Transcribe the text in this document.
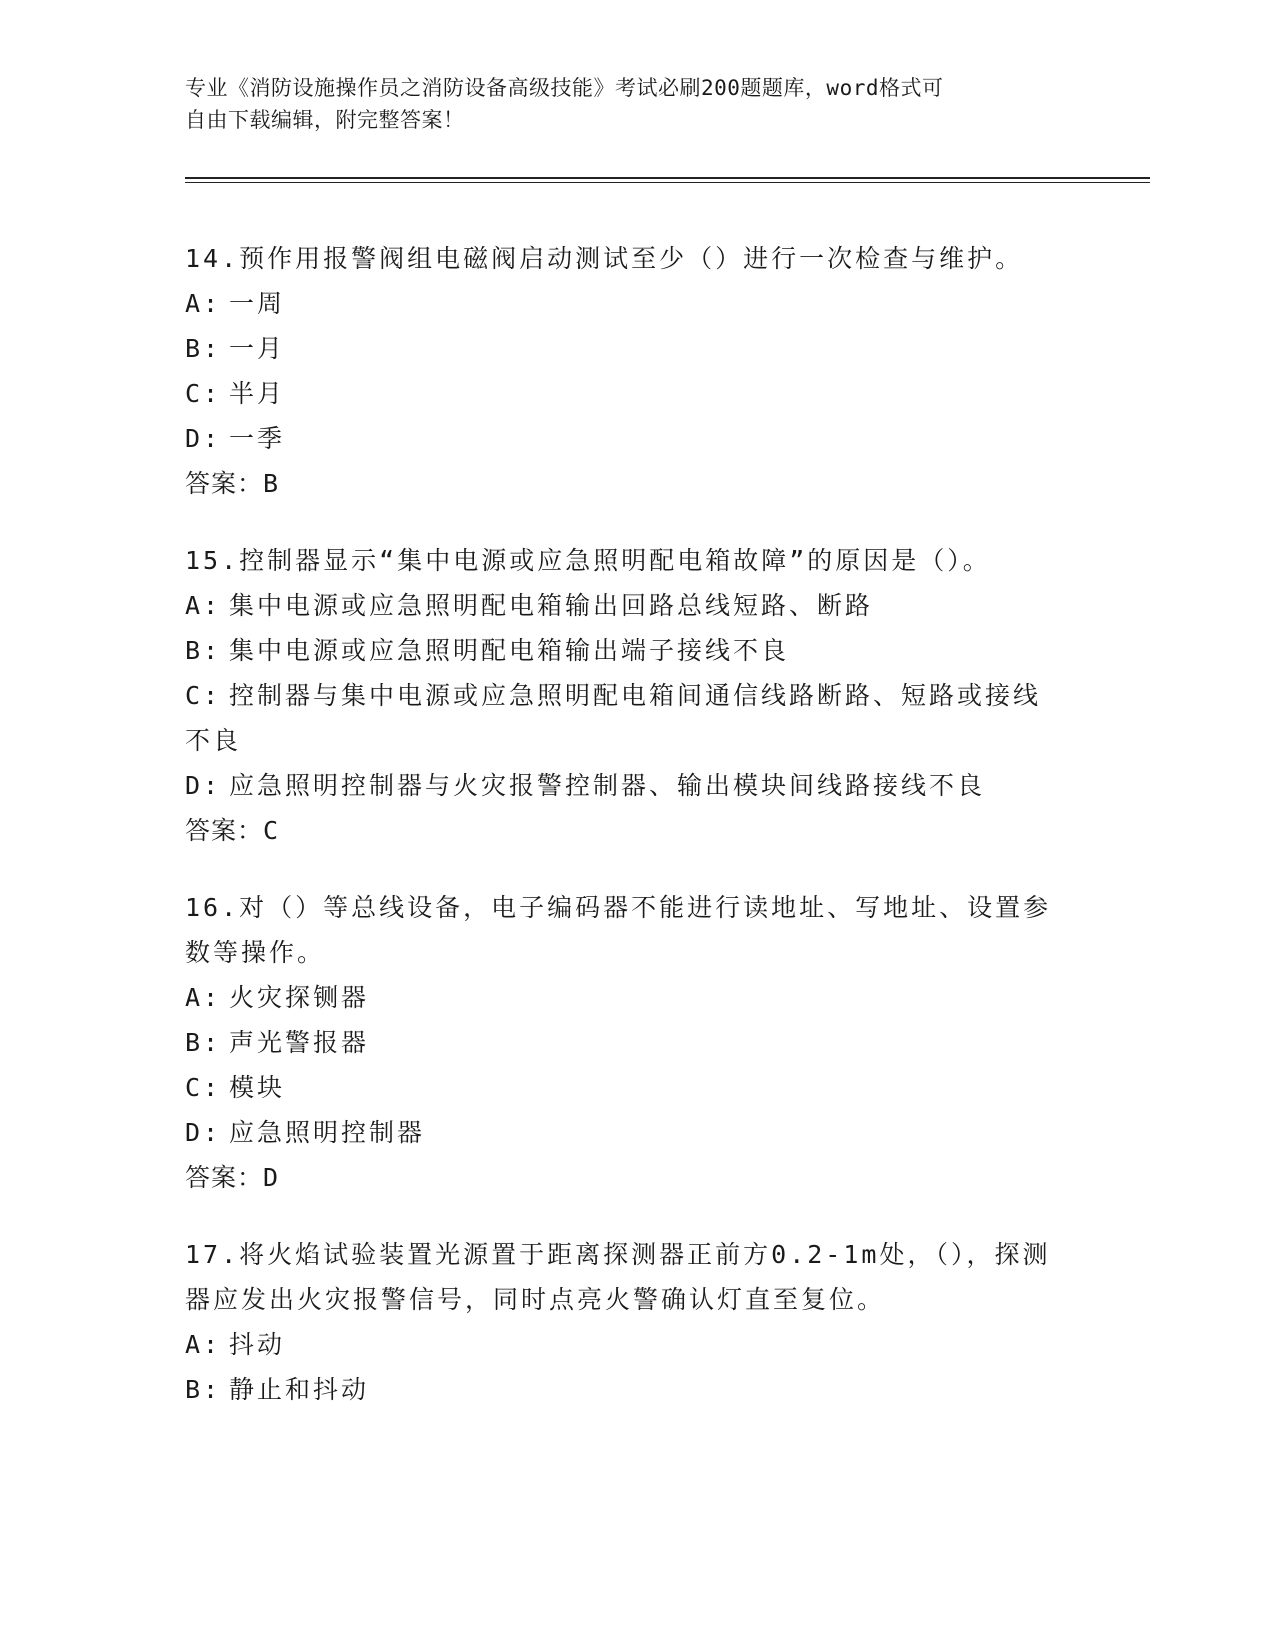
专业《消防设施操作员之消防设备高级技能》考试必刷200题题库，word格式可
自由下载编辑，附完整答案！
14.预作用报警阀组电磁阀启动测试至少（）进行一次检查与维护。
A: 一周
B: 一月
C: 半月
D: 一季
答案：B
15.控制器显示“集中电源或应急照明配电箱故障”的原因是（）。
A: 集中电源或应急照明配电箱输出回路总线短路、断路
B: 集中电源或应急照明配电箱输出端子接线不良
C: 控制器与集中电源或应急照明配电箱间通信线路断路、短路或接线不良
D: 应急照明控制器与火灾报警控制器、输出模块间线路接线不良
答案：C
16.对（）等总线设备，电子编码器不能进行读地址、写地址、设置参数等操作。
A: 火灾探铡器
B: 声光警报器
C: 模块
D: 应急照明控制器
答案：D
17.将火焰试验装置光源置于距离探测器正前方0.2-1m处，（），探测器应发出火灾报警信号，同时点亮火警确认灯直至复位。
A: 抖动
B: 静止和抖动
